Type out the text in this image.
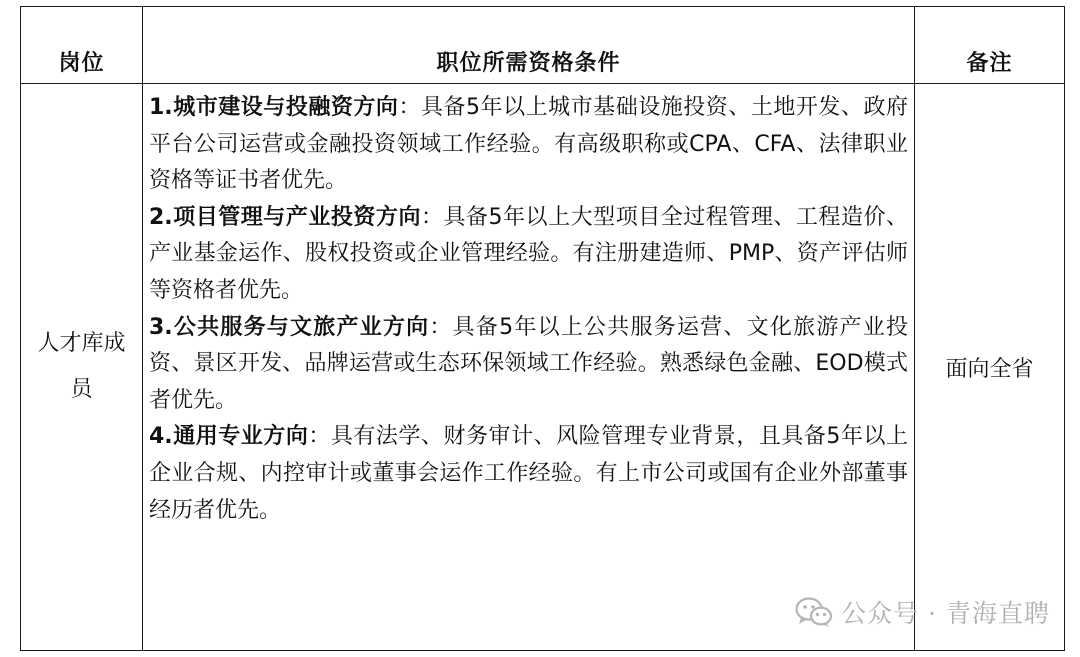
岗位	职位所需资格条件	备注
人才库成员	1.城市建设与投融资方向：具备5年以上城市基础设施投资、土地开发、政府平台公司运营或金融投资领域工作经验。有高级职称或CPA、CFA、法律职业资格等证书者优先。
2.项目管理与产业投资方向：具备5年以上大型项目全过程管理、工程造价、产业基金运作、股权投资或企业管理经验。有注册建造师、PMP、资产评估师等资格者优先。
3.公共服务与文旅产业方向：具备5年以上公共服务运营、文化旅游产业投资、景区开发、品牌运营或生态环保领域工作经验。熟悉绿色金融、EOD模式者优先。
4.通用专业方向：具有法学、财务审计、风险管理专业背景，且具备5年以上企业合规、内控审计或董事会运作工作经验。有上市公司或国有企业外部董事经历者优先。	面向全省
公众号 · 青海直聘
